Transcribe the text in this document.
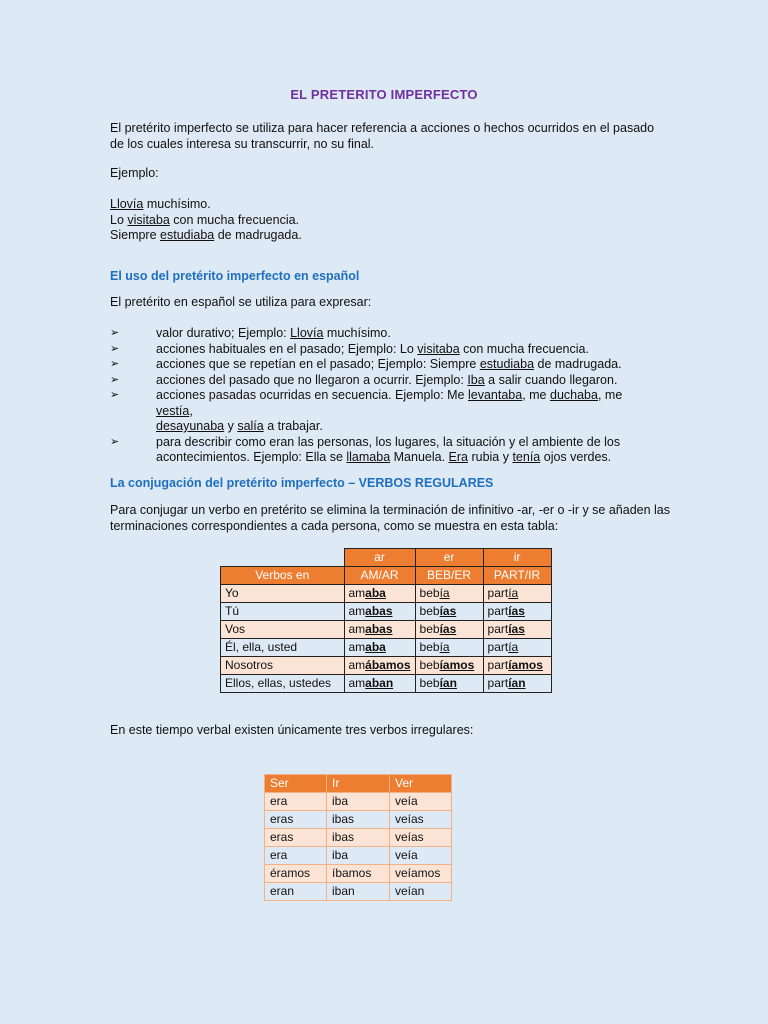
EL PRETERITO IMPERFECTO
El pretérito imperfecto se utiliza para hacer referencia a acciones o hechos ocurridos en el pasado de los cuales interesa su transcurrir, no su final.
Ejemplo:
Llovía muchísimo.
Lo visitaba con mucha frecuencia.
Siempre estudiaba de madrugada.
El uso del pretérito imperfecto en español
El pretérito en español se utiliza para expresar:
➢	valor durativo; Ejemplo: Llovía muchísimo.
➢	acciones habituales en el pasado; Ejemplo: Lo visitaba con mucha frecuencia.
➢	acciones que se repetían en el pasado; Ejemplo: Siempre estudiaba de madrugada.
➢	acciones del pasado que no llegaron a ocurrir. Ejemplo: Iba a salir cuando llegaron.
➢	acciones pasadas ocurridas en secuencia. Ejemplo: Me levantaba, me duchaba, me vestía,
desayunaba y salía a trabajar.
➢	para describir como eran las personas, los lugares, la situación y el ambiente de los acontecimientos. Ejemplo: Ella se llamaba Manuela. Era rubia y tenía ojos verdes.
La conjugación del pretérito imperfecto – VERBOS REGULARES
Para conjugar un verbo en pretérito se elimina la terminación de infinitivo -ar, -er o -ir y se añaden las terminaciones correspondientes a cada persona, como se muestra en esta tabla:
	ar	er	ir
Verbos en	AM/AR	BEB/ER	PART/IR
Yo	amaba	bebía	partía
Tú	amabas	bebías	partías
Vos	amabas	bebías	partías
Él, ella, usted	amaba	bebía	partía
Nosotros	amábamos	bebíamos	partíamos
Ellos, ellas, ustedes	amaban	bebían	partían
En este tiempo verbal existen únicamente tres verbos irregulares:
Ser	Ir	Ver
era	iba	veía
eras	ibas	veías
eras	ibas	veías
era	iba	veía
éramos	íbamos	veíamos
eran	iban	veían
